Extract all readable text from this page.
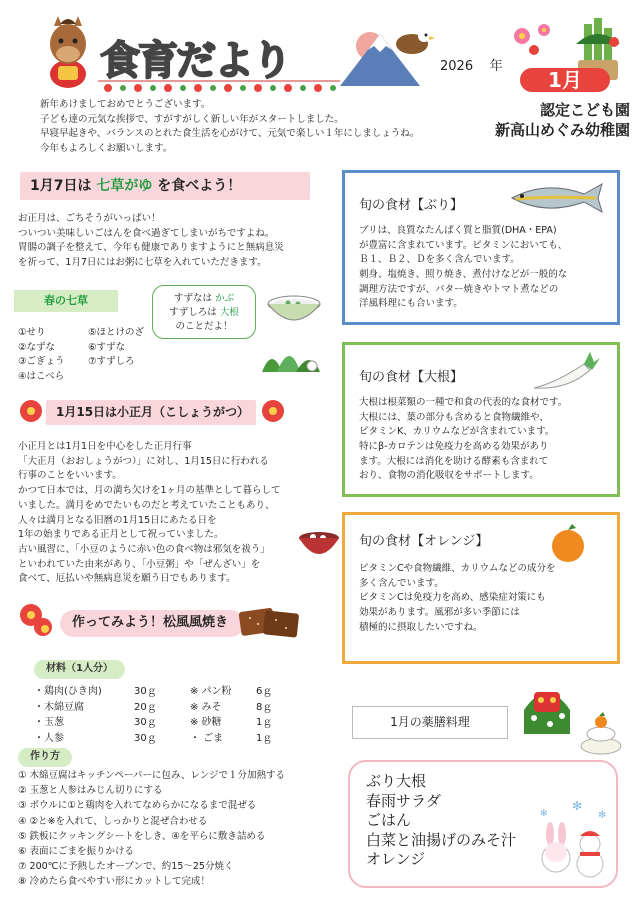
食育だより	2026 年
1月
認定こども園
新高山めぐみ幼稚園
新年あけましておめでとうございます。
子ども達の元気な挨拶で、すがすがしく新しい年がスタートしました。
早寝早起きや、バランスのとれた食生活を心がけて、元気で楽しい１年にしましょうね。
今年もよろしくお願いします。
1月7日は 七草がゆ を食べよう！
お正月は、ごちそうがいっぱい！
ついつい美味しいごはんを食べ過ぎてしまいがちですよね。
胃腸の調子を整えて、今年も健康でありますようにと無病息災
を祈って、1月7日にはお粥に七草を入れていただきます。
春の七草
①せり
②なずな
③ごぎょう
④はこべら
⑤ほとけのざ
⑥すずな
⑦すずしろ
すずなは かぶ
すずしろは 大根
のことだよ！
1月15日は小正月（こしょうがつ）
小正月とは1月1日を中心をした正月行事
「大正月（おおしょうがつ）」に対し、1月15日に行われる
行事のことをいいます。
かつて日本では、月の満ち欠けを1ヶ月の基準として暮らして
いました。満月をめでたいものだと考えていたこともあり、
人々は満月となる旧暦の1月15日にあたる日を
1年の始まりである正月として祝っていました。
古い風習に、「小豆のように赤い色の食べ物は邪気を祓う」
といわれていた由来があり、「小豆粥」や「ぜんざい」を
食べて、厄払いや無病息災を願う日でもあります。
作ってみよう！松風風焼き
材料（1人分）
・ 鶏肉(ひき肉)	30ｇ
・ 木綿豆腐	20ｇ
・ 玉葱	30ｇ
・ 人参	30ｇ
※ パン粉	6ｇ
※ みそ	8ｇ
※ 砂糖	1ｇ
・ ごま	1ｇ
作り方
① 木綿豆腐はキッチンペーパーに包み、レンジで１分加熱する
② 玉葱と人参はみじん切りにする
③ ボウルに①と鶏肉を入れてなめらかになるまで混ぜる
④ ②と※を入れて、しっかりと混ぜ合わせる
⑤ 鉄板にクッキングシートをしき、④を平らに敷き詰める
⑥ 表面にごまを振りかける
⑦ 200℃に予熱したオーブンで、約15～25分焼く
⑧ 冷めたら食べやすい形にカットして完成！
旬の食材【ぶり】

ブリは、良質なたんぱく質と脂質(DHA・EPA)
が豊富に含まれています。ビタミンにおいても、
Ｂ１、Ｂ２、Ｄを多く含んでいます。
刺身、塩焼き、照り焼き、煮付けなどが一般的な
調理方法ですが、バター焼きやトマト煮などの
洋風料理にも合います。

旬の食材【大根】

大根は根菜類の一種で和食の代表的な食材です。
大根には、葉の部分も含めると食物繊維や、
ビタミンK、カリウムなどが含まれています。
特にβ-カロテンは免疫力を高める効果があり
ます。大根には消化を助ける酵素も含まれて
おり、食物の消化吸収をサポートします。

旬の食材【オレンジ】

ビタミンCや食物繊維、カリウムなどの成分を
多く含んでいます。
ビタミンCは免疫力を高め、感染症対策にも
効果があります。風邪が多い季節には
積極的に摂取したいですね。

1月の薬膳料理
ぶり大根
春雨サラダ
ごはん
白菜と油揚げのみそ汁
オレンジ
✻
✻
✻
